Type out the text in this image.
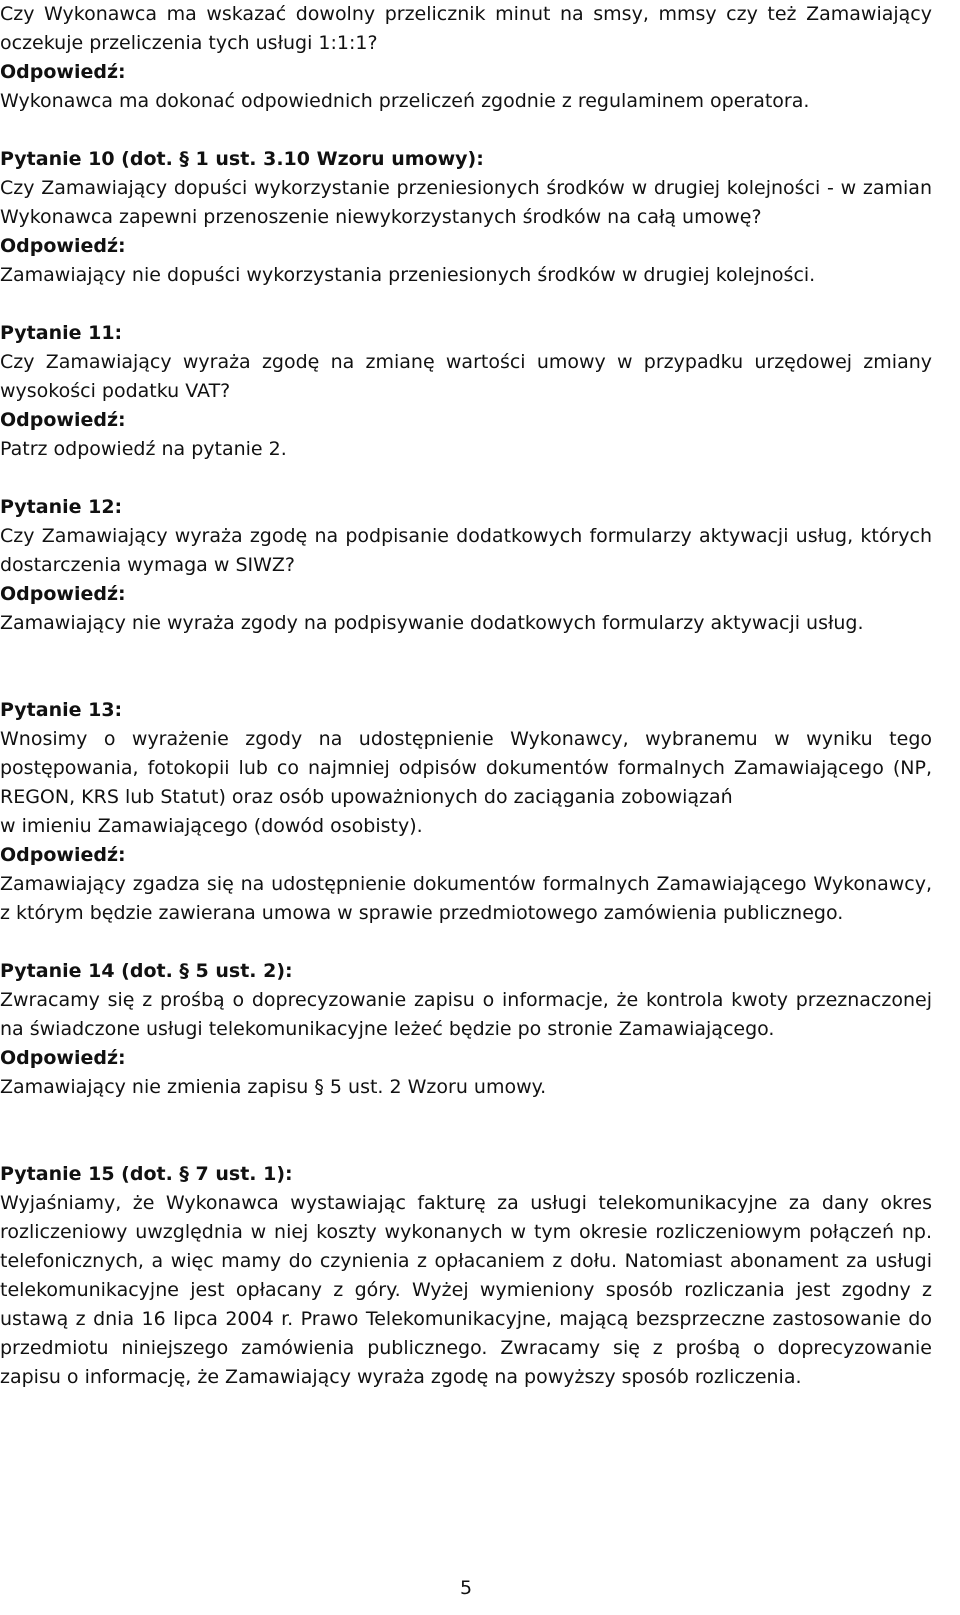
Czy Wykonawca ma wskazać dowolny przelicznik minut na smsy, mmsy czy też Zamawiający oczekuje przeliczenia tych usługi 1:1:1?

Odpowiedź:

Wykonawca ma dokonać odpowiednich przeliczeń zgodnie z regulaminem operatora.

Pytanie 10 (dot. § 1 ust. 3.10 Wzoru umowy):

Czy Zamawiający dopuści wykorzystanie przeniesionych środków w drugiej kolejności - w zamian Wykonawca zapewni przenoszenie niewykorzystanych środków na całą umowę?

Odpowiedź:

Zamawiający nie dopuści wykorzystania przeniesionych środków w drugiej kolejności.

Pytanie 11:

Czy Zamawiający wyraża zgodę na zmianę wartości umowy w przypadku urzędowej zmiany wysokości podatku VAT?

Odpowiedź:

Patrz odpowiedź na pytanie 2.

Pytanie 12:

Czy Zamawiający wyraża zgodę na podpisanie dodatkowych formularzy aktywacji usług, których dostarczenia wymaga w SIWZ?

Odpowiedź:

Zamawiający nie wyraża zgody na podpisywanie dodatkowych formularzy aktywacji usług.

Pytanie 13:

Wnosimy o wyrażenie zgody na udostępnienie Wykonawcy, wybranemu w wyniku tego postępowania, fotokopii lub co najmniej odpisów dokumentów formalnych Zamawiającego (NP, REGON, KRS lub Statut) oraz osób upoważnionych do zaciągania zobowiązań

w imieniu Zamawiającego (dowód osobisty).

Odpowiedź:

Zamawiający zgadza się na udostępnienie dokumentów formalnych Zamawiającego Wykonawcy, z którym będzie zawierana umowa w sprawie przedmiotowego zamówienia publicznego.

Pytanie 14 (dot. § 5 ust. 2):

Zwracamy się z prośbą o doprecyzowanie zapisu o informacje, że kontrola kwoty przeznaczonej na świadczone usługi telekomunikacyjne leżeć będzie po stronie Zamawiającego.

Odpowiedź:

Zamawiający nie zmienia zapisu § 5 ust. 2 Wzoru umowy.

Pytanie 15 (dot. § 7 ust. 1):

Wyjaśniamy, że Wykonawca wystawiając fakturę za usługi telekomunikacyjne za dany okres rozliczeniowy uwzględnia w niej koszty wykonanych w tym okresie rozliczeniowym połączeń np. telefonicznych, a więc mamy do czynienia z opłacaniem z dołu. Natomiast abonament za usługi telekomunikacyjne jest opłacany z góry. Wyżej wymieniony sposób rozliczania jest zgodny z ustawą z dnia 16 lipca 2004 r. Prawo Telekomunikacyjne, mającą bezsprzeczne zastosowanie do przedmiotu niniejszego zamówienia publicznego. Zwracamy się z prośbą o doprecyzowanie zapisu o informację, że Zamawiający wyraża zgodę na powyższy sposób rozliczenia.

5
